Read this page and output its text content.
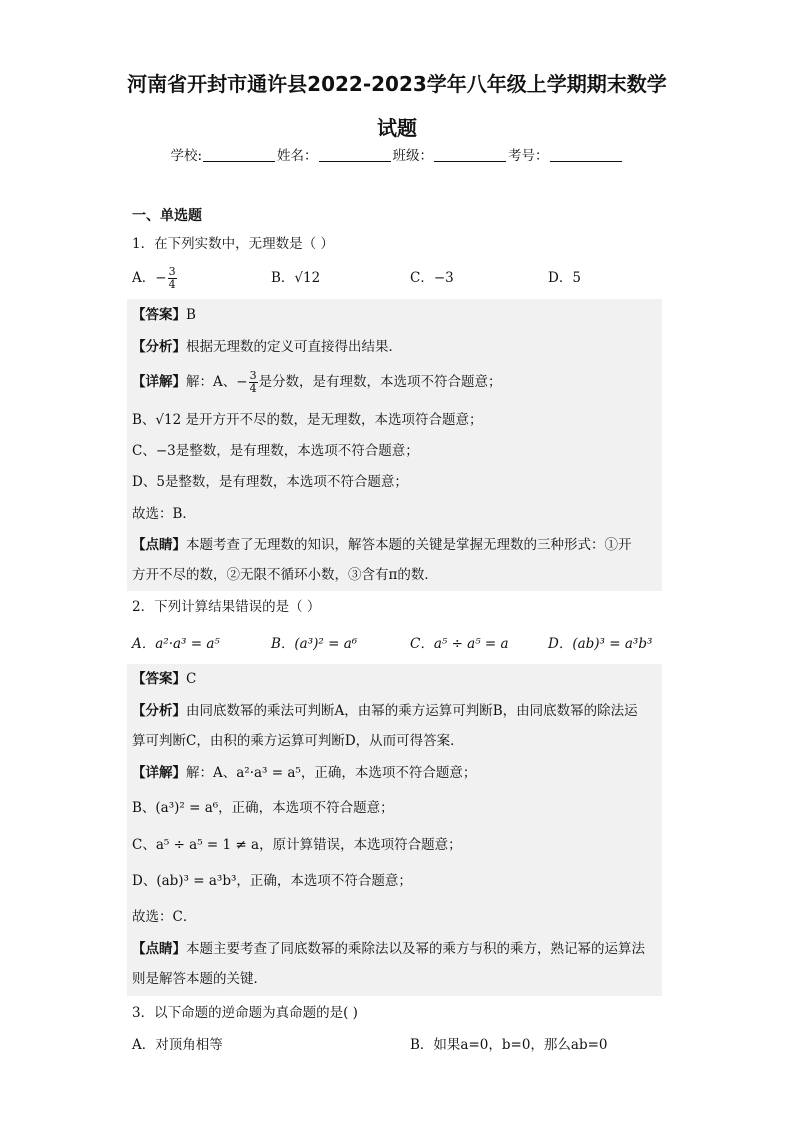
河南省开封市通许县2022-2023学年八年级上学期期末数学
试题
学校:	姓名：	班级：	考号：
一、单选题
1．在下列实数中，无理数是（ ）
A．− $\frac{3}{4}$	B．√12	C．−3	D．5
【答案】B
【分析】根据无理数的定义可直接得出结果．
【详解】解：A、− $\frac{3}{4}$ 是分数，是有理数，本选项不符合题意；
B、√12 是开方开不尽的数，是无理数，本选项符合题意；
C、−3是整数，是有理数，本选项不符合题意；
D、5是整数，是有理数，本选项不符合题意；
故选：B．
【点睛】本题考查了无理数的知识，解答本题的关键是掌握无理数的三种形式：①开
方开不尽的数，②无限不循环小数，③含有π的数．
2．下列计算结果错误的是（ ）
A．a²·a³ = a⁵	B．(a³)² = a⁶	C．a⁵ ÷ a⁵ = a	D．(ab)³ = a³b³
【答案】C
【分析】由同底数幂的乘法可判断A，由幂的乘方运算可判断B，由同底数幂的除法运
算可判断C，由积的乘方运算可判断D，从而可得答案．
【详解】解：A、a²·a³ = a⁵，正确，本选项不符合题意；
B、(a³)² = a⁶，正确，本选项不符合题意；
C、a⁵ ÷ a⁵ = 1 ≠ a，原计算错误，本选项符合题意；
D、(ab)³ = a³b³，正确，本选项不符合题意；
故选：C．
【点睛】本题主要考查了同底数幂的乘除法以及幂的乘方与积的乘方，熟记幂的运算法
则是解答本题的关键．
3．以下命题的逆命题为真命题的是( )
A．对顶角相等	B．如果a=0，b=0，那么ab=0
